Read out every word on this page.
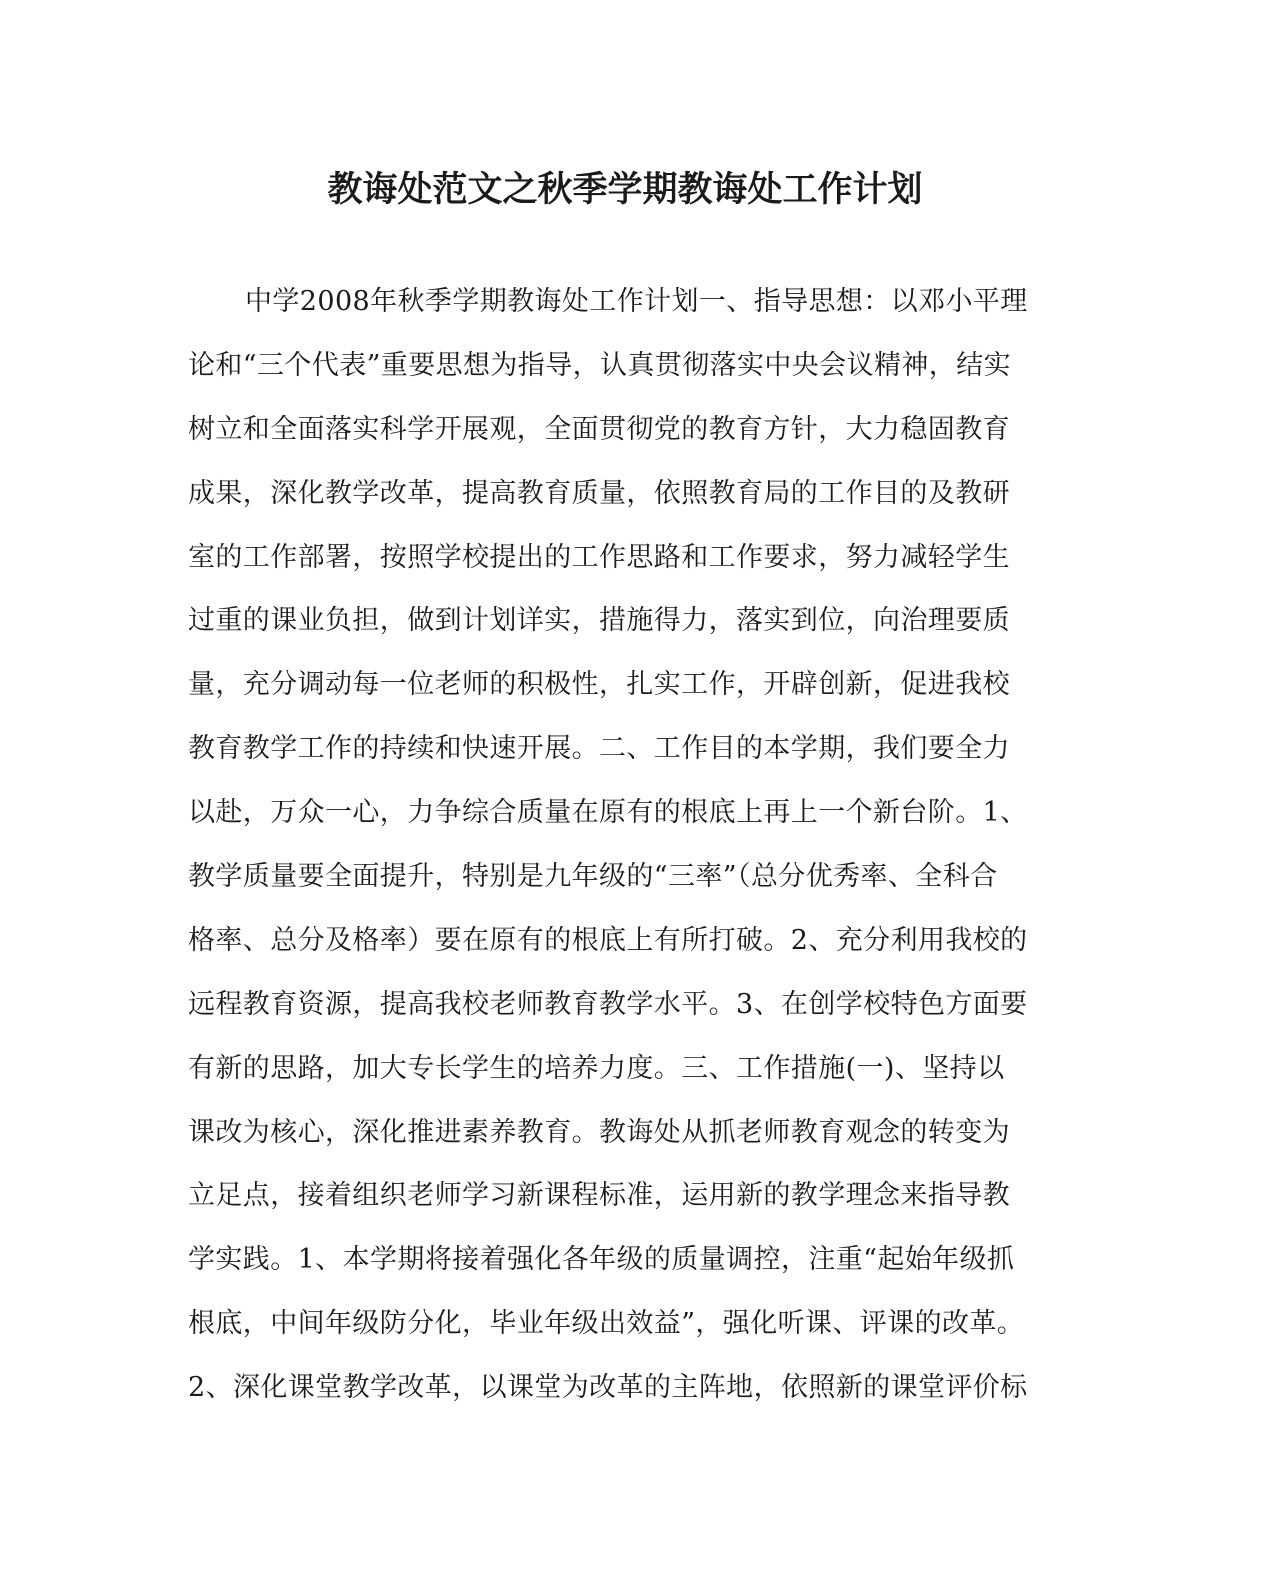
教诲处范文之秋季学期教诲处工作计划
中学2008年秋季学期教诲处工作计划一、指导思想：以邓小平理
论和“三个代表”重要思想为指导，认真贯彻落实中央会议精神，结实
树立和全面落实科学开展观，全面贯彻党的教育方针，大力稳固教育
成果，深化教学改革，提高教育质量，依照教育局的工作目的及教研
室的工作部署，按照学校提出的工作思路和工作要求，努力减轻学生
过重的课业负担，做到计划详实，措施得力，落实到位，向治理要质
量，充分调动每一位老师的积极性，扎实工作，开辟创新，促进我校
教育教学工作的持续和快速开展。二、工作目的本学期，我们要全力
以赴，万众一心，力争综合质量在原有的根底上再上一个新台阶。1、
教学质量要全面提升，特别是九年级的“三率”（总分优秀率、全科合
格率、总分及格率）要在原有的根底上有所打破。2、充分利用我校的
远程教育资源，提高我校老师教育教学水平。3、在创学校特色方面要
有新的思路，加大专长学生的培养力度。三、工作措施(一)、坚持以
课改为核心，深化推进素养教育。教诲处从抓老师教育观念的转变为
立足点，接着组织老师学习新课程标准，运用新的教学理念来指导教
学实践。1、本学期将接着强化各年级的质量调控，注重“起始年级抓
根底，中间年级防分化，毕业年级出效益”，强化听课、评课的改革。
2、深化课堂教学改革，以课堂为改革的主阵地，依照新的课堂评价标
